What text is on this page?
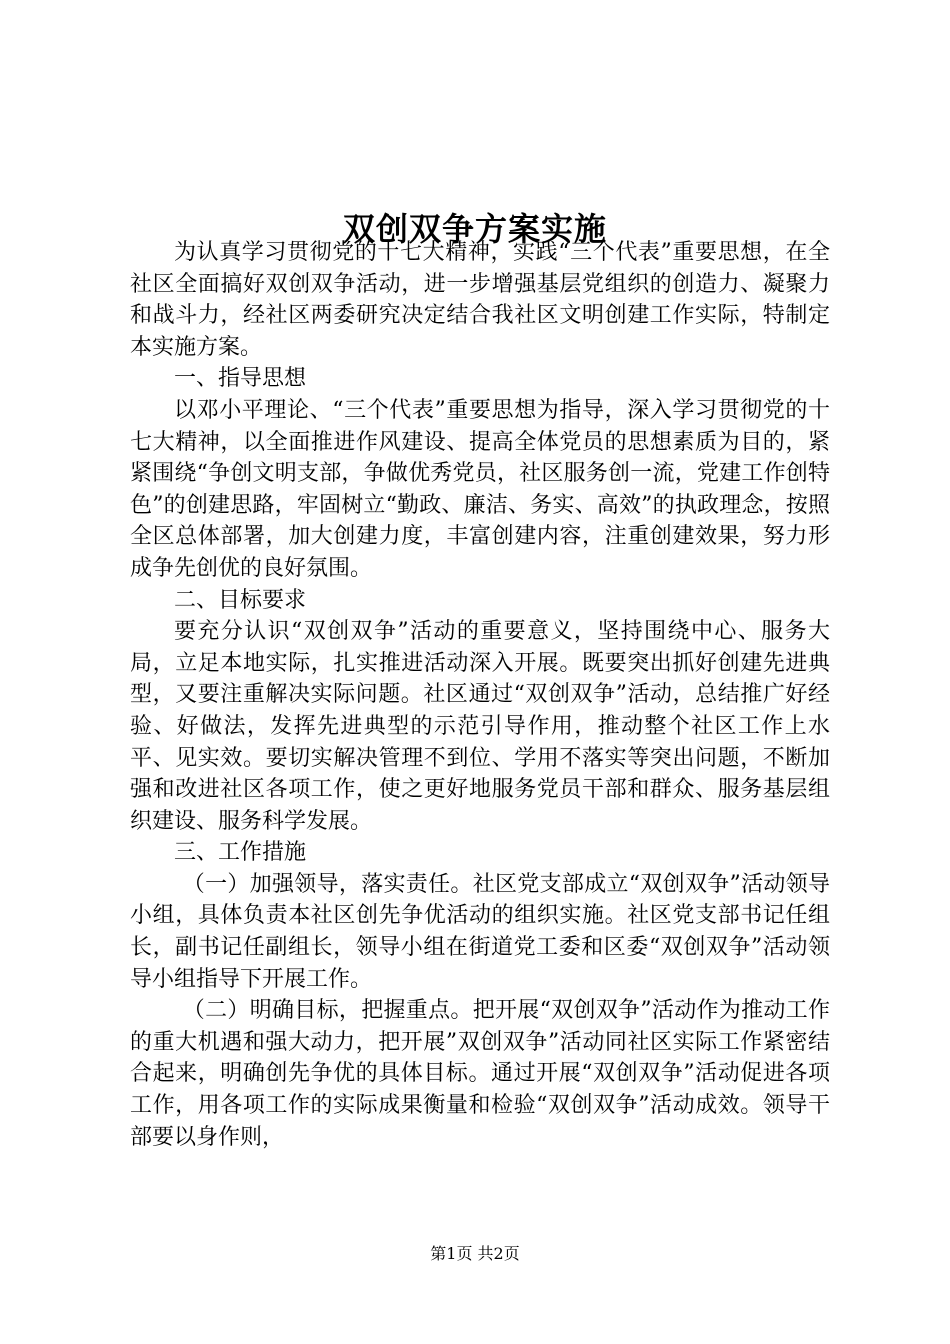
双创双争方案实施

为认真学习贯彻党的十七大精神，实践“三个代表”重要思想，在全社区全面搞好双创双争活动，进一步增强基层党组织的创造力、凝聚力和战斗力，经社区两委研究决定结合我社区文明创建工作实际，特制定本实施方案。

一、指导思想

以邓小平理论、“三个代表”重要思想为指导，深入学习贯彻党的十七大精神，以全面推进作风建设、提高全体党员的思想素质为目的，紧紧围绕“争创文明支部，争做优秀党员，社区服务创一流，党建工作创特色”的创建思路，牢固树立“勤政、廉洁、务实、高效”的执政理念，按照全区总体部署，加大创建力度，丰富创建内容，注重创建效果，努力形成争先创优的良好氛围。

二、目标要求

要充分认识“双创双争”活动的重要意义，坚持围绕中心、服务大局，立足本地实际，扎实推进活动深入开展。既要突出抓好创建先进典型，又要注重解决实际问题。社区通过“双创双争”活动，总结推广好经验、好做法，发挥先进典型的示范引导作用，推动整个社区工作上水平、见实效。要切实解决管理不到位、学用不落实等突出问题，不断加强和改进社区各项工作，使之更好地服务党员干部和群众、服务基层组织建设、服务科学发展。

三、工作措施

（一）加强领导，落实责任。社区党支部成立“双创双争”活动领导小组，具体负责本社区创先争优活动的组织实施。社区党支部书记任组长，副书记任副组长，领导小组在街道党工委和区委“双创双争”活动领导小组指导下开展工作。

（二）明确目标，把握重点。把开展“双创双争”活动作为推动工作的重大机遇和强大动力，把开展”双创双争”活动同社区实际工作紧密结合起来，明确创先争优的具体目标。通过开展“双创双争”活动促进各项工作，用各项工作的实际成果衡量和检验“双创双争”活动成效。领导干部要以身作则，

第1页 共2页
